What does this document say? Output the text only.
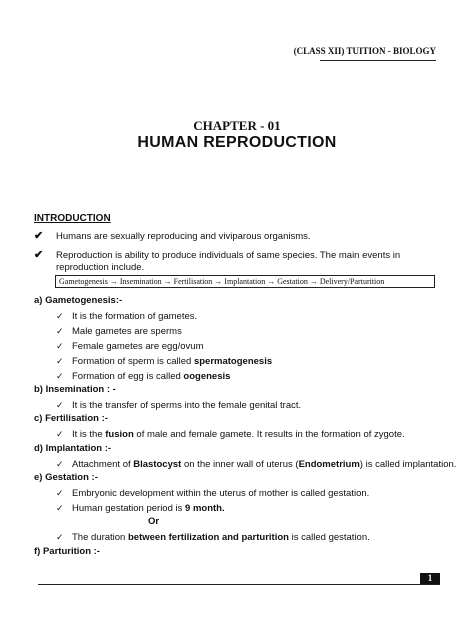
(CLASS XII) TUITION - BIOLOGY
CHAPTER - 01
HUMAN REPRODUCTION
INTRODUCTION
✔ Humans are sexually reproducing and viviparous organisms.
✔ Reproduction is ability to produce individuals of same species. The main events in reproduction include.
Gametogenesis → Insemination → Fertilisation → Implantation → Gestation → Delivery/Parturition
a) Gametogenesis:-
✓ It is the formation of gametes.
✓ Male gametes are sperms
✓ Female gametes are egg/ovum
✓ Formation of sperm is called spermatogenesis
✓ Formation of egg is called oogenesis
b) Insemination : -
✓ It is the transfer of sperms into the female genital tract.
c) Fertilisation :-
✓ It is the fusion of male and female gamete. It results in the formation of zygote.
d) Implantation :-
✓ Attachment of Blastocyst on the inner wall of uterus (Endometrium) is called implantation.
e) Gestation :-
✓ Embryonic development within the uterus of mother is called gestation.
✓ Human gestation period is 9 month.
Or
✓ The duration between fertilization and parturition is called gestation.
f) Parturition :-
1
